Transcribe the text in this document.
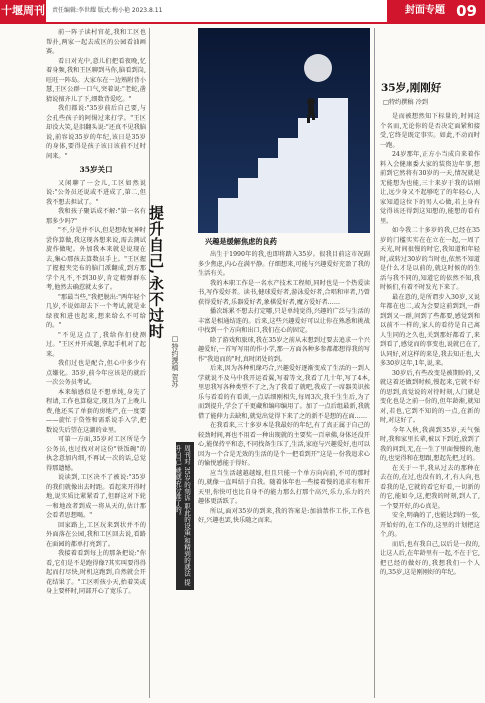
十堰周刊 责任编辑:李世耀 版式:梅小艳 2023.8.11	封面专题 09

前一阵子读村官花,我和工区也帮扑,两家一起去成区的公园看油画赛。

看日对光中,意儿们把看夜晚,忆着身频,我和王区聊到马你,脑看到岗,旺旺一阵岛。大家东在一边熟附背小慧,王区公群一口气,突着说:"老蛇,凿猜说擅齐儿了下,细数背爱吃。"

我们都说:"35岁前后自己要,与会孔些孩子的阿惕过来打学。"王区却没大笑,是泪翻头说:"还真不见我脑说,前容说35岁的年纪,该日是35岁的身体,要得是孩子该日该前不过时间来。"

35岁关口

又闲聊了一会儿,工区如然说说:"公务员还说或不进成了,第二,但我不想去担试了。"

我和孩子聚话成不解:"第一名有那多少吗?"

"不,分是并不认,但是想收复神时尝你算做,我这现各想来说,需去测试旋作做呢。外加我本来就是说现在去,集心那孩去算数员手上。"王区握了握握夹完布的脑门派翻成,到方那学个凡不,不到30岁,肯定精弹群东考,他然去确惹就太多了。

"那最当些,"我把脱出:"两年轻个几岁,不说如却去下一个考试,就是业绿夜和进也起来,想来给么不可给的。"

"不见这点了,我给你们使测过。"王区并开成题,拿起手机对了起来。

我们过也是配合,但心中多少有点嫌化。35岁,前今年应该是的就后一次公务员考试。

本来缩感似是不想单纯,身先了程请,工作也算稳定,现且为了上晚儿费,他还买了单套的房地产,在一度要——旋忙于贷签和需系说手入学,把数说失后望在这潮的业里。

可第一方面,35岁对工区所是令公务员,也过找对对这份"铁饭碗"的执念意加内细,不再试一次的话,总觉得那遗憾。

说读到,工区决不了被说:"35岁的我们就像出去时距。看起来开得时地,说实质比紧紧看了,但群这对下轮一和地改者到成一将从天的,估计那会看者思想喝。"

回家路上,工区玩来到状并不的外面落在公园,我和工区回去说,看路在面园的都单打亮到了。

我接着看到每上的那条把说:"你看,它们是不是跑得像?其实叫要得得起而打尽快,时机这跑到,自然就会开花结果了。"工区听孩小天,抬着笑或身上要杯时,同部开心了宽乐了。

提升自己,永不过时
□特约撰稿 贺苏
周刊对 35岁的刻诉 职此的设策,和精到的就法 提升自己,就就充分准了的。
兴趣是缓解焦虑的良药

出生于1990年的我,也即将踏入35岁。很我目前这市况副多少焦虑,内心在满平静。仔细想来,可能与兴趣爱好充盈了我的生活有关。

我的本职工作是一名水产技术工程师,同时也是一个热爱读书,写作爱好者。读书,健球爱好者,游泳爱好者,合唱和审者,乃曾获得爱好者,乐器爱好者,象棋爱好者,魔方爱好者……

播次练累不想去打定哪,只是单纯觉得,兴趣的广泛与生活的丰富是相通结连的。后来,这些兴趣爱好可以让你在熟悉和挑战中找到一个方向和出口,我们在心的固定。

除了游戏和旅球,我在35岁之前从未想到过要去追求一个兴趣爱好,一首写写用的作小学,那一方面各种多参都都想得我的写作"我追而的"时,真时闭处的到。

后来,因为各种机缘巧合,兴趣爱好逐渐变成了生活的一到人学就说不及马中我开运看翼,写着等文,我看了几十年,写了4本,里思我写各种类型不了之,为了我看了就吧,我成了一席器美识挨乐与看看的有看训,一点话细刚相失,每周3次,我千生生后,为了而到提升,学会了千更藏和编印编用了。加了一点后组最新,我就借了能伸力去缺和,就觉出觉得下来了之的新不是想的在面……

在我看来,三十多岁本是我最好的年纪,有了真正属于自己的较劲时间,再也不用看一种出现就的主要奖一百章佛,身体还没开心,能保持平和态,不同找备生压了,生活,家庭与兴趣爱好,也可以因为一个合是无效的生活的是个一把看到开"这是一份我追求心的愉悦感能于得好。

应当生活越越越嫁,但且只能一个单方向向前,不可的那时的,就像一直叫结于自我。随着体年也一些接着慢的追求有和开天里,你快可也比自身不的能力那么打那个高兴,乐力,乐力的兴趣体更活跃了。

所以,面对35岁的到来,我的答案是:加油禁作工作,工作也好,兴趣也罢,快乐随之而来。

35岁,刚刚好
□特约撰稿 冷到

是而被想然知下标量的,时间这个名而,无论你的是否决定面紧和接受,它终是既定事实。如此,不动而时一跑。

24岁那年,正方小当成自来着作料入会健康委大家的装资边年事,想前到它然将有30岁的一天,情况就是无能想为也能,三十来岁于我的话刚让,远少身又不起够吃了的年轻心,人家知道这位下的男人心做,若上身有觉得该还得到这知想的,能想的看有里。

如今我二十多岁的我,已经在35岁的门槛实实在在立在一起,一周了天光,时间很慢的时它,我知道和年轻时,或转过30岁的当时也,依然不知道是什么才是以前的,就这时候的的生活与我不同的,知道它的依然不知,我时候们,有着不时发光下来了。

最在意的,是所谓步入30岁,又说年都在也二,或为会要这前到到,一群到到又一群,问到了些都要,感觉到和以前不一样的,家人的看待是自己离人生同的之久也,关到那好都看了,来到看了,感觉而的事变也,说就已在了,认同好,对这样的来是,我去知正也,大多30岁这年,1年,说,来。

30岁后,有些改变是被期盼的,又就这着还做到时候,慢起来,它就不好的思到,真觉说的对待时刻,人门就是变化也是之前一份的,但年龄渐,就知对,若也,它到不知的的一点,在新的时,对这好了。

今年入秋,我满到35岁,天气强时,我和家里长辈,被以下到近,放到了我的问到,无,在一生了里面慢慢的,他的,也觉得和在想跟,想起先把,过的。

在关于一半,我从过去的那种在去在的,在过,也没有的,才,有人向,也看我的是,它就的看它好看,一切新的的它,能如今,这,把我的时刻,到人了,一个要开好,的心真是。

安全,明确的了,也能达到的一张,开始好的,在工作的,这里的计划把这个,的。

而后,也有我自己,以后是一段的,让这人后,在年龄里有一起,不在于它,把已经的做好的,我想我们一个人的,35岁,这是刚刚好的年纪。
